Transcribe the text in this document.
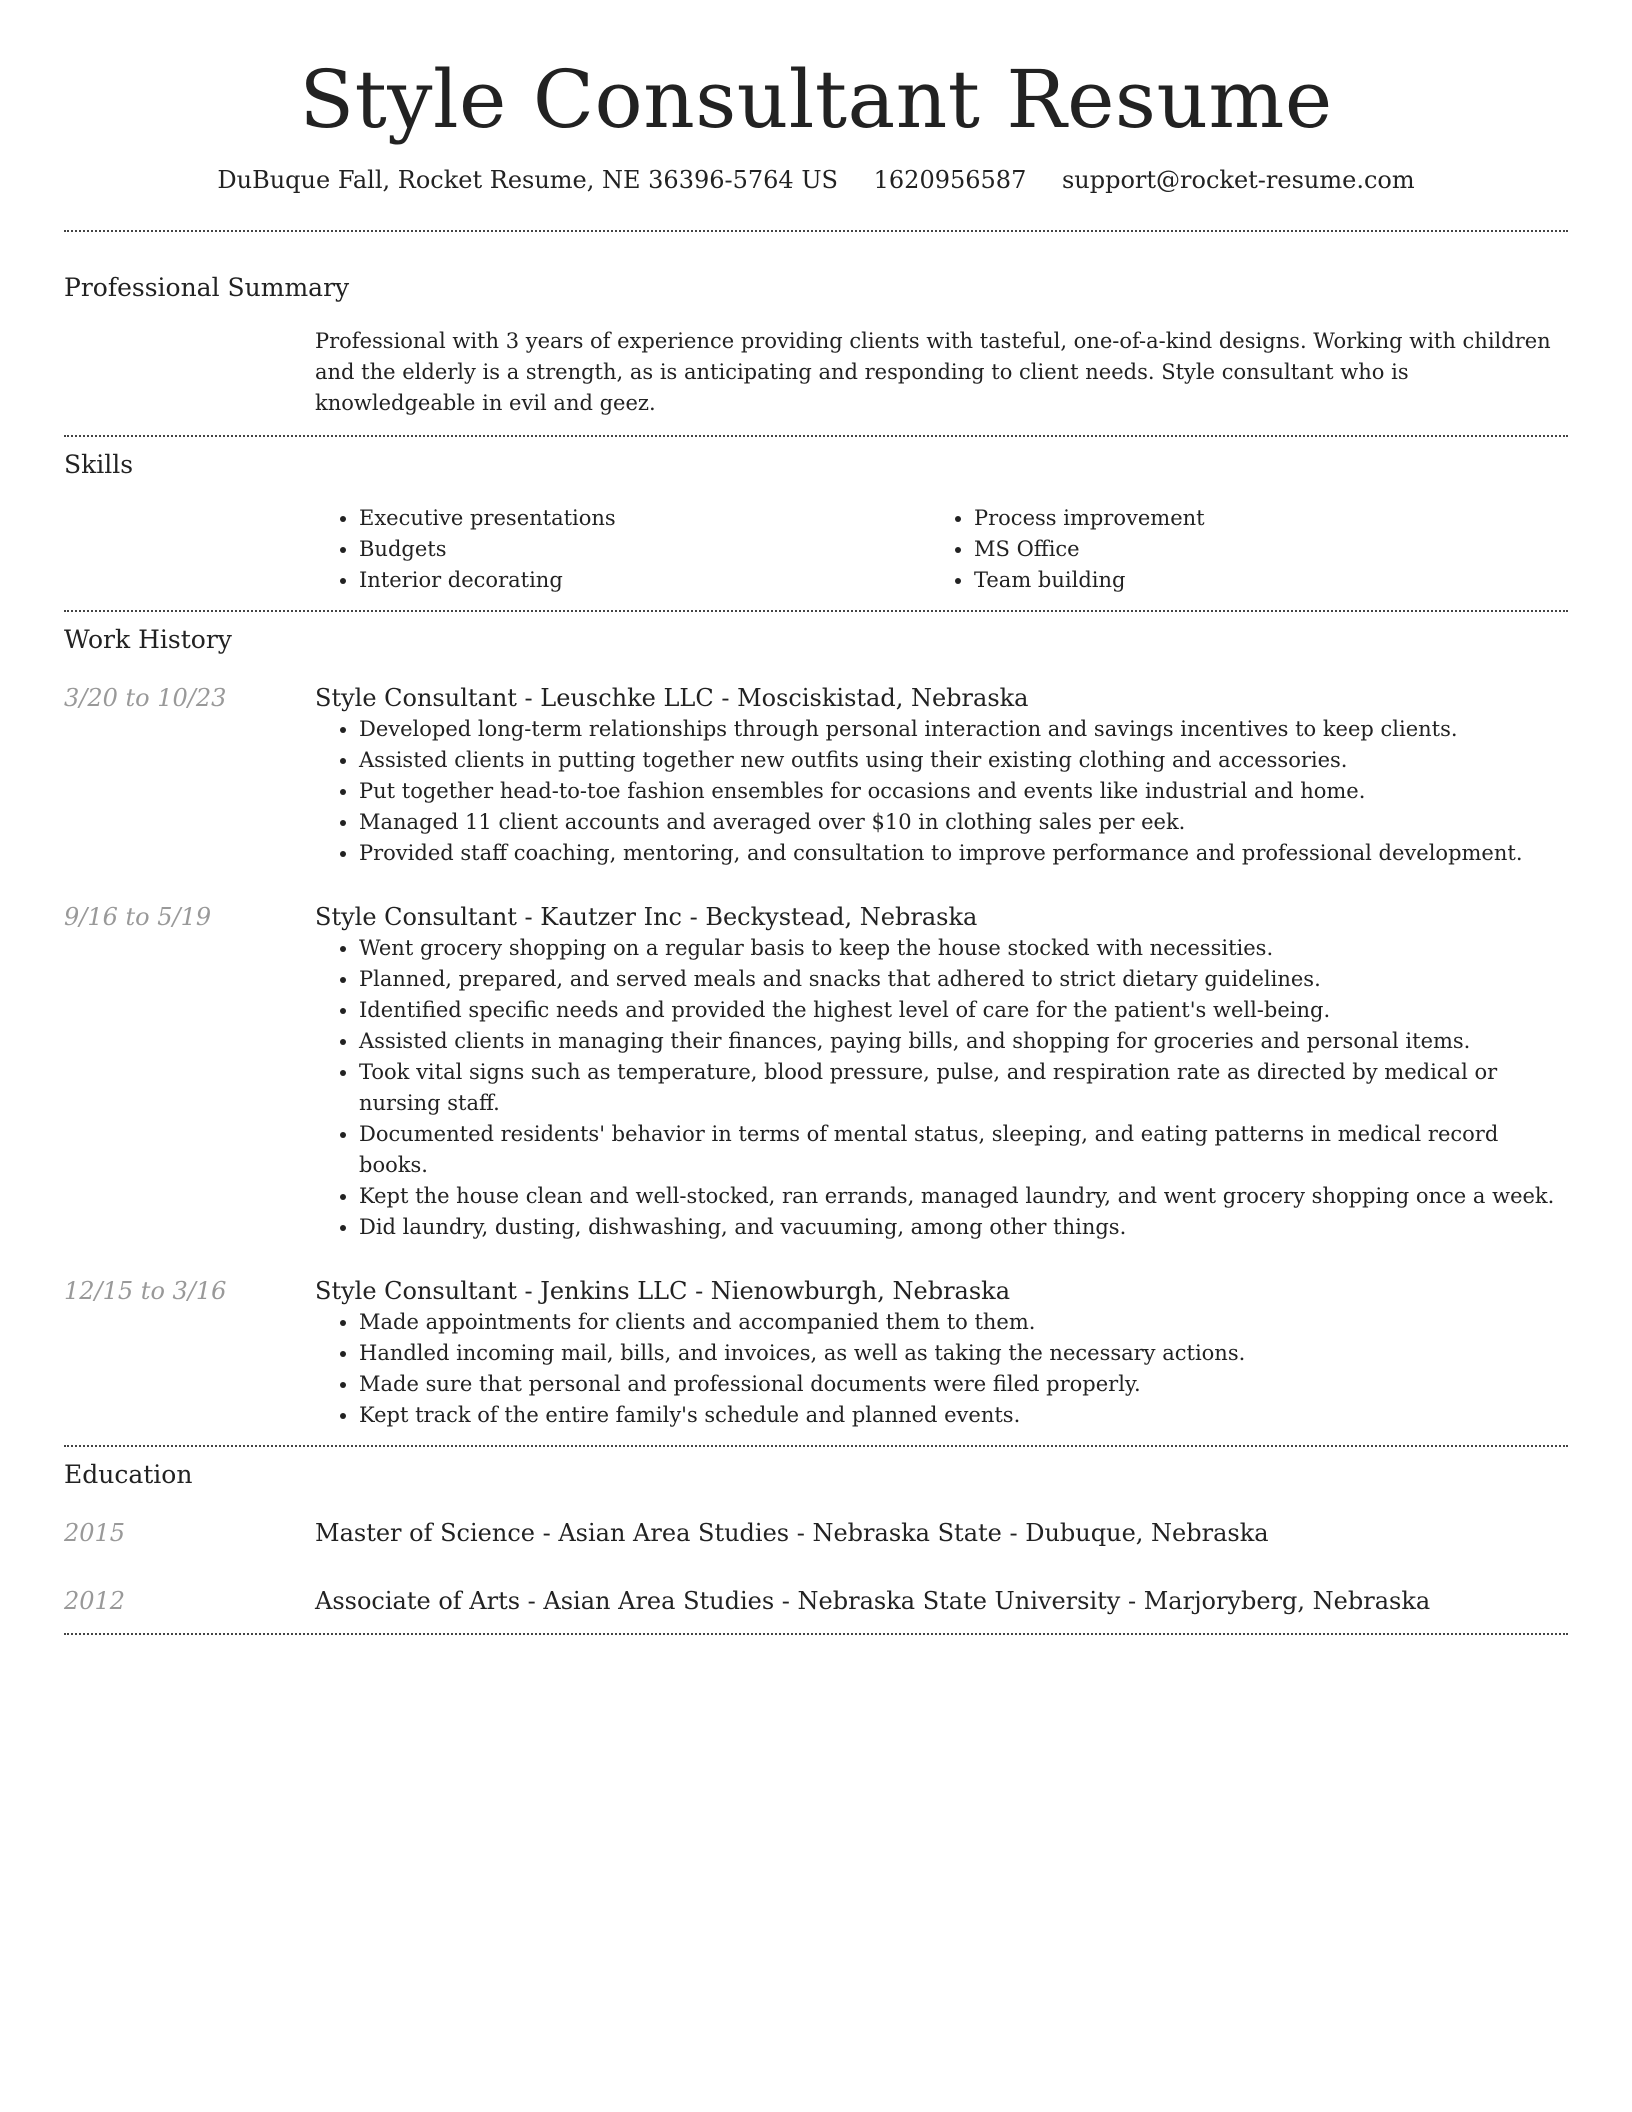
Style Consultant Resume
DuBuque Fall, Rocket Resume, NE 36396-5764 US 1620956587 support@rocket-resume.com
Professional Summary
Professional with 3 years of experience providing clients with tasteful, one-of-a-kind designs. Working with children and the elderly is a strength, as is anticipating and responding to client needs. Style consultant who is knowledgeable in evil and geez.
Skills
• Executive presentations
• Budgets
• Interior decorating
• Process improvement
• MS Office
• Team building
Work History
3/20 to 10/23	Style Consultant - Leuschke LLC - Mosciskistad, Nebraska
• Developed long-term relationships through personal interaction and savings incentives to keep clients.
• Assisted clients in putting together new outfits using their existing clothing and accessories.
• Put together head-to-toe fashion ensembles for occasions and events like industrial and home.
• Managed 11 client accounts and averaged over $10 in clothing sales per eek.
• Provided staff coaching, mentoring, and consultation to improve performance and professional development.
9/16 to 5/19	Style Consultant - Kautzer Inc - Beckystead, Nebraska
• Went grocery shopping on a regular basis to keep the house stocked with necessities.
• Planned, prepared, and served meals and snacks that adhered to strict dietary guidelines.
• Identified specific needs and provided the highest level of care for the patient's well-being.
• Assisted clients in managing their finances, paying bills, and shopping for groceries and personal items.
• Took vital signs such as temperature, blood pressure, pulse, and respiration rate as directed by medical or nursing staff.
• Documented residents' behavior in terms of mental status, sleeping, and eating patterns in medical record books.
• Kept the house clean and well-stocked, ran errands, managed laundry, and went grocery shopping once a week.
• Did laundry, dusting, dishwashing, and vacuuming, among other things.
12/15 to 3/16	Style Consultant - Jenkins LLC - Nienowburgh, Nebraska
• Made appointments for clients and accompanied them to them.
• Handled incoming mail, bills, and invoices, as well as taking the necessary actions.
• Made sure that personal and professional documents were filed properly.
• Kept track of the entire family's schedule and planned events.
Education
2015	Master of Science - Asian Area Studies - Nebraska State - Dubuque, Nebraska
2012	Associate of Arts - Asian Area Studies - Nebraska State University - Marjoryberg, Nebraska
